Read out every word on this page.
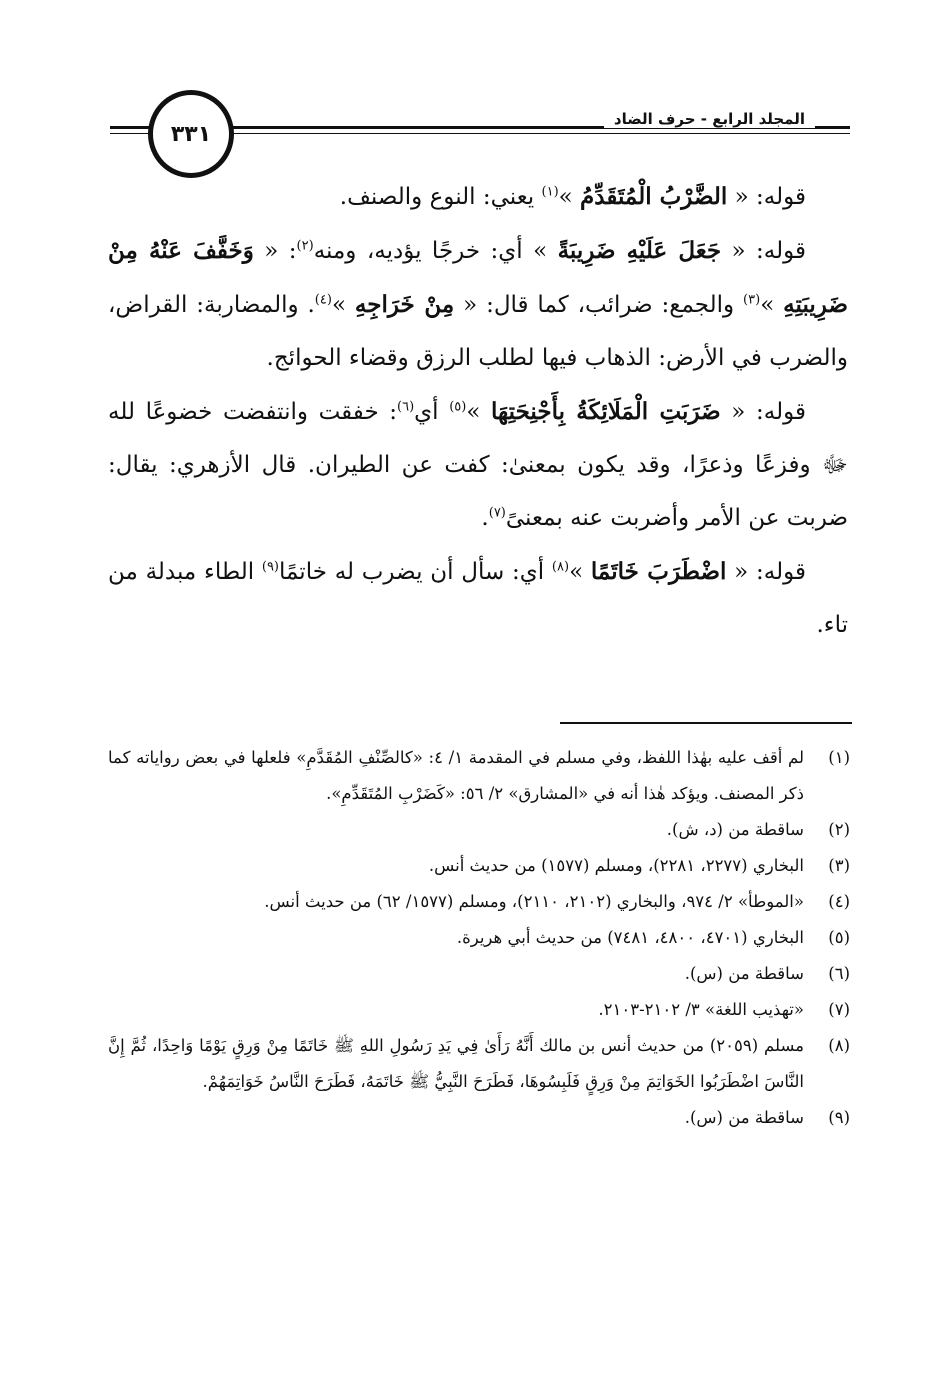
٣٣١
المجلد الرابع - حرف الضاد

قوله: « الضَّرْبُ الْمُتَقَدِّمُ »$^{(١)}$ يعني: النوع والصنف.

قوله: « جَعَلَ عَلَيْهِ ضَرِيبَةً » أي: خرجًا يؤديه، ومنه$^{(٢)}$: « وَخَفَّفَ عَنْهُ مِنْ ضَرِيبَتِهِ »$^{(٣)}$ والجمع: ضرائب، كما قال: « مِنْ خَرَاجِهِ »$^{(٤)}$. والمضاربة: القراض، والضرب في الأرض: الذهاب فيها لطلب الرزق وقضاء الحوائج.

قوله: « ضَرَبَتِ الْمَلَائِكَةُ بِأَجْنِحَتِهَا »$^{(٥)}$ أي$^{(٦)}$: خفقت وانتفضت خضوعًا لله ﷻ وفزعًا وذعرًا، وقد يكون بمعنىٰ: كفت عن الطيران. قال الأزهري: يقال: ضربت عن الأمر وأضربت عنه بمعنىً$^{(٧)}$.

قوله: « اضْطَرَبَ خَاتَمًا »$^{(٨)}$ أي: سأل أن يضرب له خاتمًا$^{(٩)}$ الطاء مبدلة من تاء.

(١)
لم أقف عليه بهٰذا اللفظ، وفي مسلم في المقدمة ١/ ٤: «كالصِّنْفِ المُقَدَّمِ» فلعلها في بعض رواياته كما ذكر المصنف. ويؤكد هٰذا أنه في «المشارق» ٢/ ٥٦: «كَضَرْبِ المُتَقَدِّمِ».
(٢)
ساقطة من (د، ش).
(٣)
البخاري (٢٢٧٧، ٢٢٨١)، ومسلم (١٥٧٧) من حديث أنس.
(٤)
«الموطأ» ٢/ ٩٧٤، والبخاري (٢١٠٢، ٢١١٠)، ومسلم (١٥٧٧/ ٦٢) من حديث أنس.
(٥)
البخاري (٤٧٠١، ٤٨٠٠، ٧٤٨١) من حديث أبي هريرة.
(٦)
ساقطة من (س).
(٧)
«تهذيب اللغة» ٣/ ٢١٠٢-٢١٠٣.
(٨)
مسلم (٢٠٥٩) من حديث أنس بن مالك أَنَّهُ رَأَىٰ فِي يَدِ رَسُولِ اللهِ ﷺ خَاتَمًا مِنْ وَرِقٍ يَوْمًا وَاحِدًا، ثُمَّ إِنَّ النَّاسَ اضْطَرَبُوا الخَوَاتِمَ مِنْ وَرِقٍ فَلَبِسُوهَا، فَطَرَحَ النَّبِيُّ ﷺ خَاتَمَهُ، فَطَرَحَ النَّاسُ خَوَاتِمَهُمْ.
(٩)
ساقطة من (س).
